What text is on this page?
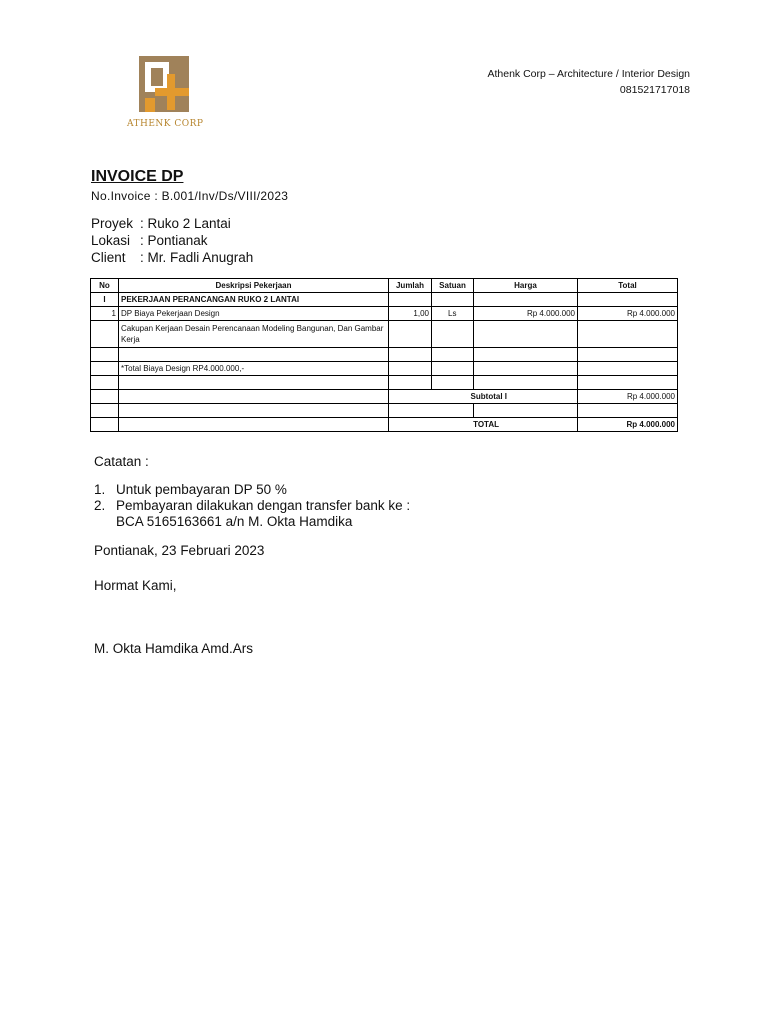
ATHENK CORP
Athenk Corp – Architecture / Interior Design
081521717018
INVOICE DP
No.Invoice : B.001/Inv/Ds/VIII/2023
Proyek : Ruko 2 Lantai
Lokasi : Pontianak
Client : Mr. Fadli Anugrah
No	Deskripsi Pekerjaan	Jumlah	Satuan	Harga	Total
I	PEKERJAAN PERANCANGAN RUKO 2 LANTAI				
1	DP Biaya Pekerjaan Design	1,00	Ls	Rp 4.000.000	Rp 4.000.000
	Cakupan Kerjaan Desain Perencanaan Modeling Bangunan, Dan Gambar Kerja				

	*Total Biaya Design RP4.000.000,-				

		Subtotal I			Rp 4.000.000

		TOTAL			Rp 4.000.000
Catatan :
1. Untuk pembayaran DP 50 %
2. Pembayaran dilakukan dengan transfer bank ke :
BCA 5165163661 a/n M. Okta Hamdika
Pontianak, 23 Februari 2023
Hormat Kami,
M. Okta Hamdika Amd.Ars
